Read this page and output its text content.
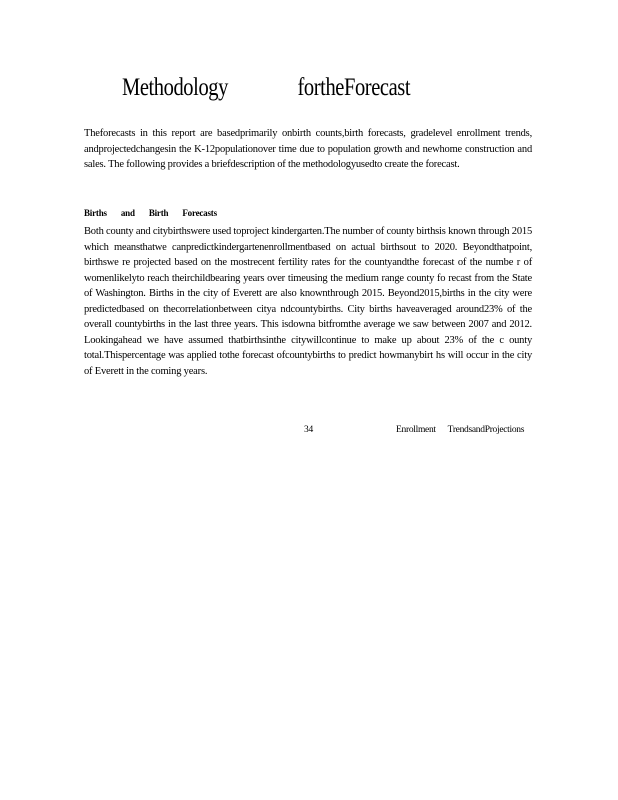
Methodology	fortheForecast

Theforecasts in this report are basedprimarily onbirth counts,birth forecasts, gradelevel enrollment trends, andprojectedchangesin the K-12populationover time due to population growth and newhome construction and sales. The following provides a briefdescription of the methodologyusedto create the forecast.

Births and Birth Forecasts

Both county and citybirthswere used toproject kindergarten.The number of county birthsis known through 2015 which meansthatwe canpredictkindergartenenrollmentbased on actual birthsout to 2020. Beyondthatpoint, birthswe re projected based on the mostrecent fertility rates for the countyandthe forecast of the numbe r of womenlikelyto reach theirchildbearing years over timeusing the medium range county fo recast from the State of Washington. Births in the city of Everett are also knownthrough 2015. Beyond2015,births in the city were predictedbased on thecorrelationbetween citya ndcountybirths. City births haveaveraged around23% of the overall countybirths in the last three years. This isdowna bitfromthe average we saw between 2007 and 2012. Lookingahead we have assumed thatbirthsinthe citywillcontinue to make up about 23% of the c ounty total.Thispercentage was applied tothe forecast ofcountybirths to predict howmanybirt hs will occur in the city of Everett in the coming years.

34	Enrollment TrendsandProjections
